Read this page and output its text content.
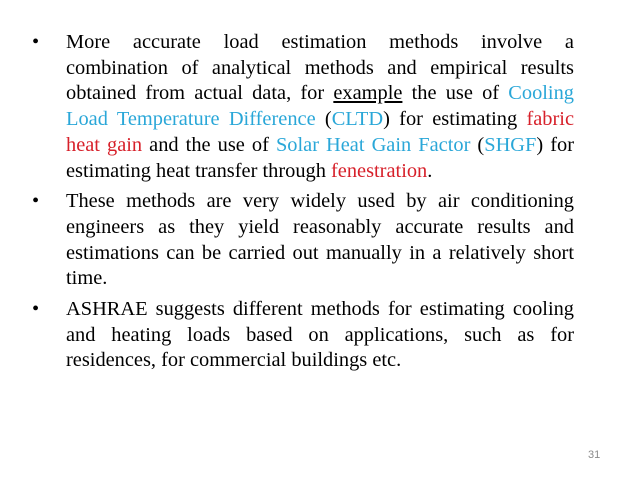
• More accurate load estimation methods involve a combination of analytical methods and empirical results obtained from actual data, for example the use of Cooling Load Temperature Difference (CLTD) for estimating fabric heat gain and the use of Solar Heat Gain Factor (SHGF) for estimating heat transfer through fenestration.
• These methods are very widely used by air conditioning engineers as they yield reasonably accurate results and estimations can be carried out manually in a relatively short time.
• ASHRAE suggests different methods for estimating cooling and heating loads based on applications, such as for residences, for commercial buildings etc.
31
